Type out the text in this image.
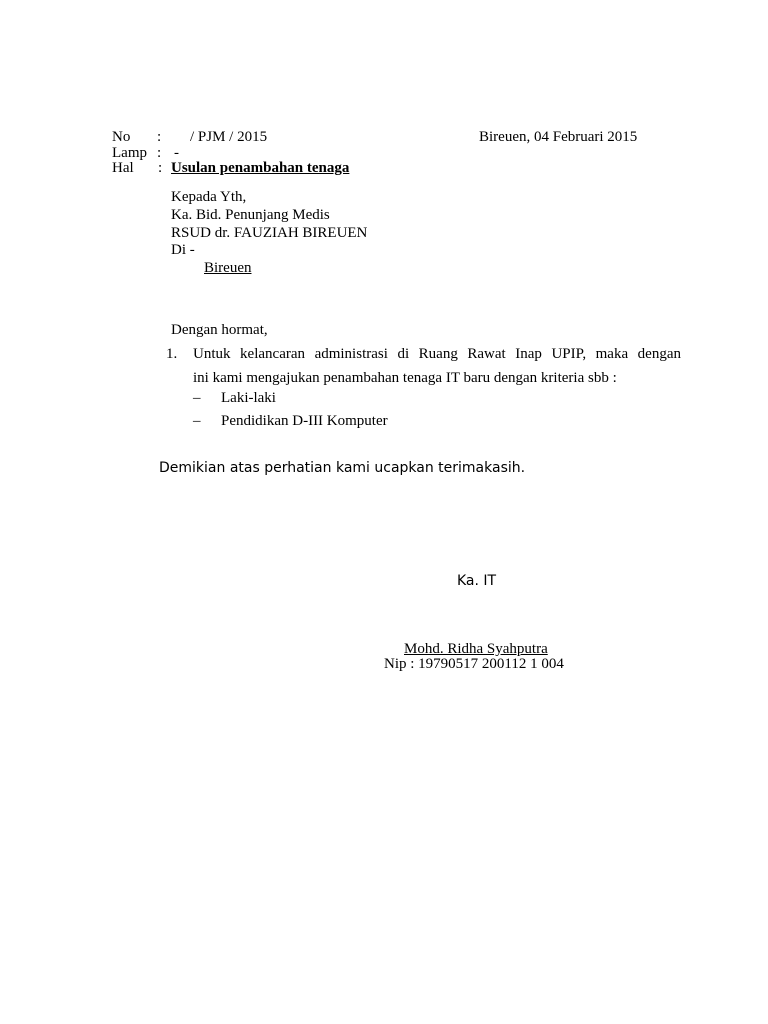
No : / PJM / 2015
Lamp : -
Hal : Usulan penambahan tenaga
Bireuen, 04 Februari 2015
Kepada Yth,
Ka. Bid. Penunjang Medis
RSUD dr. FAUZIAH BIREUEN
Di -
Bireuen
Dengan hormat,
1. Untuk kelancaran administrasi di Ruang Rawat Inap UPIP, maka dengan
ini kami mengajukan penambahan tenaga IT baru dengan kriteria sbb :
– Laki-laki
– Pendidikan D-III Komputer
Demikian atas perhatian kami ucapkan terimakasih.
Ka. IT
Mohd. Ridha Syahputra
Nip : 19790517 200112 1 004
